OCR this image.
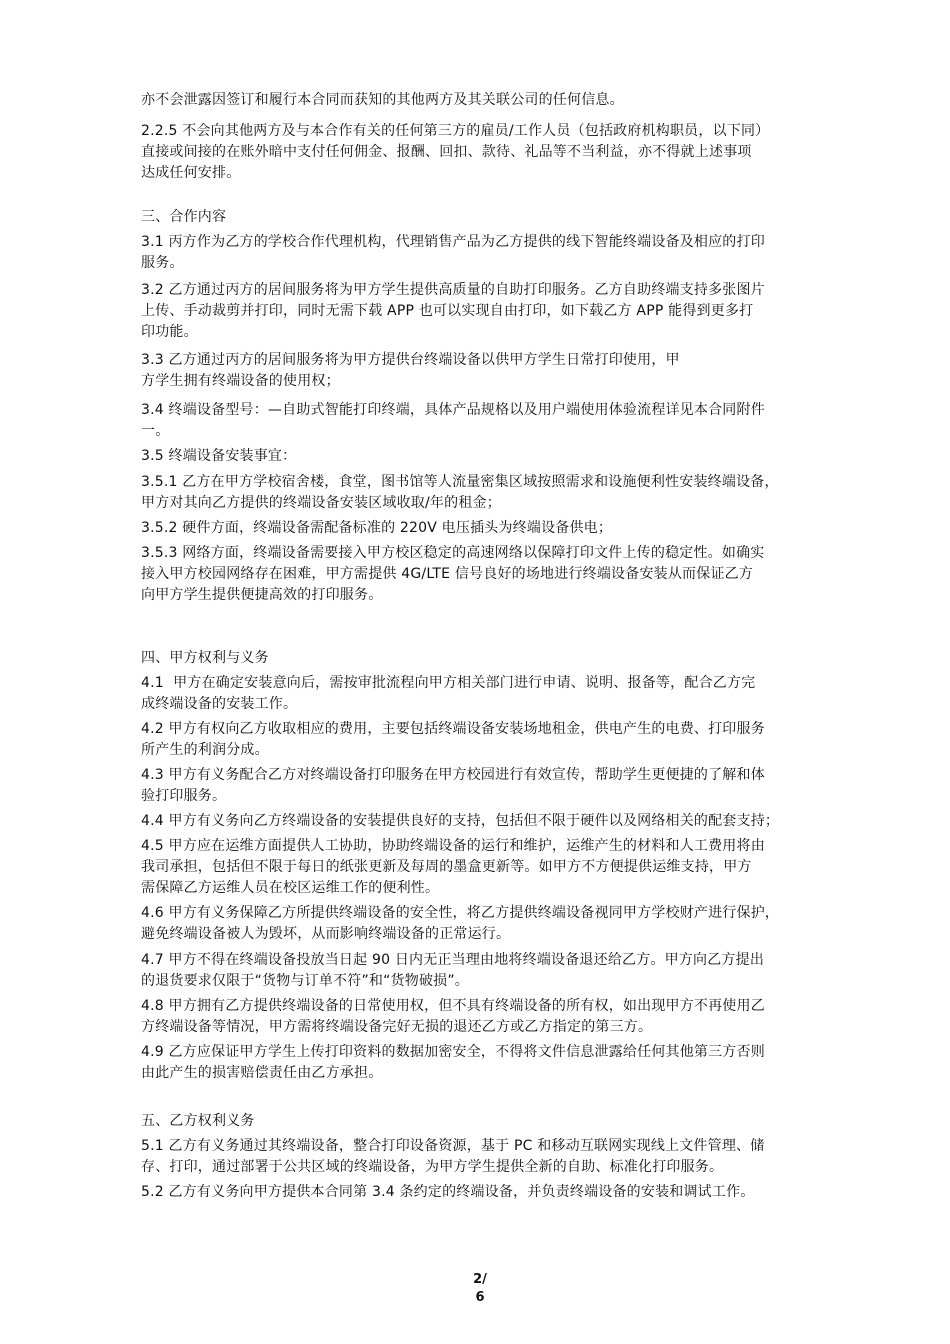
亦不会泄露因签订和履行本合同而获知的其他两方及其关联公司的任何信息。
2.2.5 不会向其他两方及与本合作有关的任何第三方的雇员/工作人员（包括政府机构职员，以下同）
直接或间接的在账外暗中支付任何佣金、报酬、回扣、款待、礼品等不当利益，亦不得就上述事项
达成任何安排。
三、合作内容
3.1 丙方作为乙方的学校合作代理机构，代理销售产品为乙方提供的线下智能终端设备及相应的打印
服务。
3.2 乙方通过丙方的居间服务将为甲方学生提供高质量的自助打印服务。乙方自助终端支持多张图片
上传、手动裁剪并打印，同时无需下载 APP 也可以实现自由打印，如下载乙方 APP 能得到更多打
印功能。
3.3 乙方通过丙方的居间服务将为甲方提供台终端设备以供甲方学生日常打印使用，甲
方学生拥有终端设备的使用权；
3.4 终端设备型号：—自助式智能打印终端，具体产品规格以及用户端使用体验流程详见本合同附件
一。
3.5 终端设备安装事宜：
3.5.1 乙方在甲方学校宿舍楼，食堂，图书馆等人流量密集区域按照需求和设施便利性安装终端设备，
甲方对其向乙方提供的终端设备安装区域收取/年的租金；
3.5.2 硬件方面，终端设备需配备标准的 220V 电压插头为终端设备供电；
3.5.3 网络方面，终端设备需要接入甲方校区稳定的高速网络以保障打印文件上传的稳定性。如确实
接入甲方校园网络存在困难，甲方需提供 4G/LTE 信号良好的场地进行终端设备安装从而保证乙方
向甲方学生提供便捷高效的打印服务。
四、甲方权利与义务
4.1  甲方在确定安装意向后，需按审批流程向甲方相关部门进行申请、说明、报备等，配合乙方完
成终端设备的安装工作。
4.2 甲方有权向乙方收取相应的费用，主要包括终端设备安装场地租金，供电产生的电费、打印服务
所产生的利润分成。
4.3 甲方有义务配合乙方对终端设备打印服务在甲方校园进行有效宣传，帮助学生更便捷的了解和体
验打印服务。
4.4 甲方有义务向乙方终端设备的安装提供良好的支持，包括但不限于硬件以及网络相关的配套支持；
4.5 甲方应在运维方面提供人工协助，协助终端设备的运行和维护，运维产生的材料和人工费用将由
我司承担，包括但不限于每日的纸张更新及每周的墨盒更新等。如甲方不方便提供运维支持，甲方
需保障乙方运维人员在校区运维工作的便利性。
4.6 甲方有义务保障乙方所提供终端设备的安全性，将乙方提供终端设备视同甲方学校财产进行保护，
避免终端设备被人为毁坏，从而影响终端设备的正常运行。
4.7 甲方不得在终端设备投放当日起 90 日内无正当理由地将终端设备退还给乙方。甲方向乙方提出
的退货要求仅限于“货物与订单不符”和“货物破损”。
4.8 甲方拥有乙方提供终端设备的日常使用权，但不具有终端设备的所有权，如出现甲方不再使用乙
方终端设备等情况，甲方需将终端设备完好无损的退还乙方或乙方指定的第三方。
4.9 乙方应保证甲方学生上传打印资料的数据加密安全，不得将文件信息泄露给任何其他第三方否则
由此产生的损害赔偿责任由乙方承担。
五、乙方权利义务
5.1 乙方有义务通过其终端设备，整合打印设备资源，基于 PC 和移动互联网实现线上文件管理、储
存、打印，通过部署于公共区域的终端设备，为甲方学生提供全新的自助、标准化打印服务。
5.2 乙方有义务向甲方提供本合同第 3.4 条约定的终端设备，并负责终端设备的安装和调试工作。
2/
6
